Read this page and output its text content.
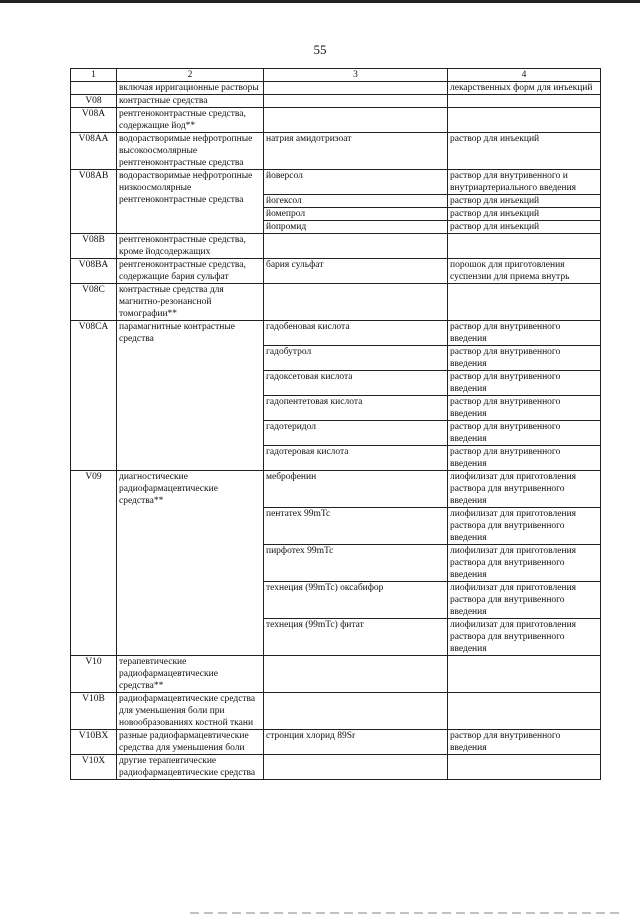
55
1	2	3	4
	включая ирригационные растворы		лекарственных форм для инъекций
V08	контрастные средства		
V08A	рентгеноконтрастные средства, содержащие йод**		
V08AA	водорастворимые нефротропные высокоосмолярные рентгеноконтрастные средства	натрия амидотризоат	раствор для инъекций
V08AB	водорастворимые нефротропные низкоосмолярные рентгеноконтрастные средства	йоверсол	раствор для внутривенного и внутриартериального введения
		йогексол	раствор для инъекций
		йомепрол	раствор для инъекций
		йопромид	раствор для инъекций
V08B	рентгеноконтрастные средства, кроме йодсодержащих		
V08BA	рентгеноконтрастные средства, содержащие бария сульфат	бария сульфат	порошок для приготовления суспензии для приема внутрь
V08C	контрастные средства для магнитно-резонансной томографии**		
V08CA	парамагнитные контрастные средства	гадобеновая кислота	раствор для внутривенного введения
		гадобутрол	раствор для внутривенного введения
		гадоксетовая кислота	раствор для внутривенного введения
		гадопентетовая кислота	раствор для внутривенного введения
		гадотеридол	раствор для внутривенного введения
		гадотеровая кислота	раствор для внутривенного введения
V09	диагностические радиофармацевтические средства**	меброфенин	лиофилизат для приготовления раствора для внутривенного введения
		пентатех 99mTc	лиофилизат для приготовления раствора для внутривенного введения
		пирфотех 99mTc	лиофилизат для приготовления раствора для внутривенного введения
		технеция (99mTc) оксабифор	лиофилизат для приготовления раствора для внутривенного введения
		технеция (99mTc) фитат	лиофилизат для приготовления раствора для внутривенного введения
V10	терапевтические радиофармацевтические средства**		
V10B	радиофармацевтические средства для уменьшения боли при новообразованиях костной ткани		
V10BX	разные радиофармацевтические средства для уменьшения боли	стронция хлорид 89Sr	раствор для внутривенного введения
V10X	другие терапевтические радиофармацевтические средства		
